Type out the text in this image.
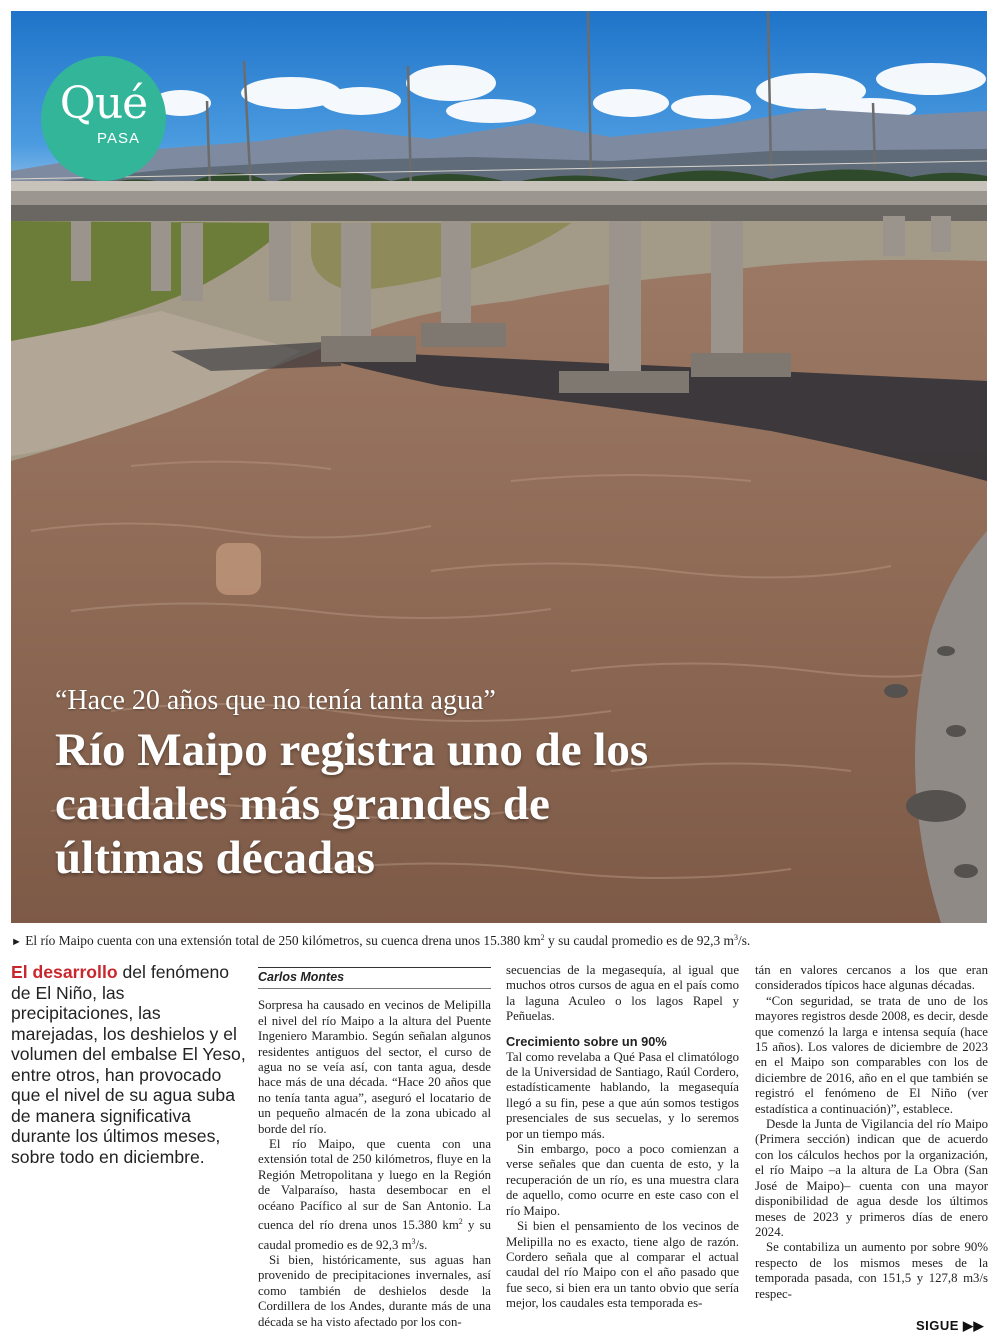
Qué
PASA
“Hace 20 años que no tenía tanta agua”
Río Maipo registra uno de los caudales más grandes de últimas décadas
► El río Maipo cuenta con una extensión total de 250 kilómetros, su cuenca drena unos 15.380 $km^2$ y su caudal promedio es de 92,3 $m^3/s$.
El desarrollo del fenómeno de El Niño, las precipitaciones, las marejadas, los deshielos y el volumen del embalse El Yeso, entre otros, han provocado que el nivel de su agua suba de manera significativa durante los últimos meses, sobre todo en diciembre.
Carlos Montes

Sorpresa ha causado en vecinos de Melipilla el nivel del río Maipo a la altura del Puente Ingeniero Marambio. Según señalan algunos residentes antiguos del sector, el curso de agua no se veía así, con tanta agua, desde hace más de una década. “Hace 20 años que no tenía tanta agua”, aseguró el locatario de un pequeño almacén de la zona ubicado al borde del río.

El río Maipo, que cuenta con una extensión total de 250 kilómetros, fluye en la Región Metropolitana y luego en la Región de Valparaíso, hasta desembocar en el océano Pacífico al sur de San Antonio. La cuenca del río drena unos 15.380 $km^2$ y su caudal promedio es de 92,3 $m^3/s$.

Si bien, históricamente, sus aguas han provenido de precipitaciones invernales, así como también de deshielos desde la Cordillera de los Andes, durante más de una década se ha visto afectado por los con-

secuencias de la megasequía, al igual que muchos otros cursos de agua en el país como la laguna Aculeo o los lagos Rapel y Peñuelas.

Crecimiento sobre un 90%

Tal como revelaba a Qué Pasa el climatólogo de la Universidad de Santiago, Raúl Cordero, estadísticamente hablando, la megasequía llegó a su fin, pese a que aún somos testigos presenciales de sus secuelas, y lo seremos por un tiempo más.

Sin embargo, poco a poco comienzan a verse señales que dan cuenta de esto, y la recuperación de un río, es una muestra clara de aquello, como ocurre en este caso con el río Maipo.

Si bien el pensamiento de los vecinos de Melipilla no es exacto, tiene algo de razón. Cordero señala que al comparar el actual caudal del río Maipo con el año pasado que fue seco, si bien era un tanto obvio que sería mejor, los caudales esta temporada es-

tán en valores cercanos a los que eran considerados típicos hace algunas décadas.

“Con seguridad, se trata de uno de los mayores registros desde 2008, es decir, desde que comenzó la larga e intensa sequía (hace 15 años). Los valores de diciembre de 2023 en el Maipo son comparables con los de diciembre de 2016, año en el que también se registró el fenómeno de El Niño (ver estadística a continuación)”, establece.

Desde la Junta de Vigilancia del río Maipo (Primera sección) indican que de acuerdo con los cálculos hechos por la organización, el río Maipo –a la altura de La Obra (San José de Maipo)– cuenta con una mayor disponibilidad de agua desde los últimos meses de 2023 y primeros días de enero 2024.

Se contabiliza un aumento por sobre 90% respecto de los mismos meses de la temporada pasada, con 151,5 y 127,8 m3/s respec-

SIGUE ▶▶
